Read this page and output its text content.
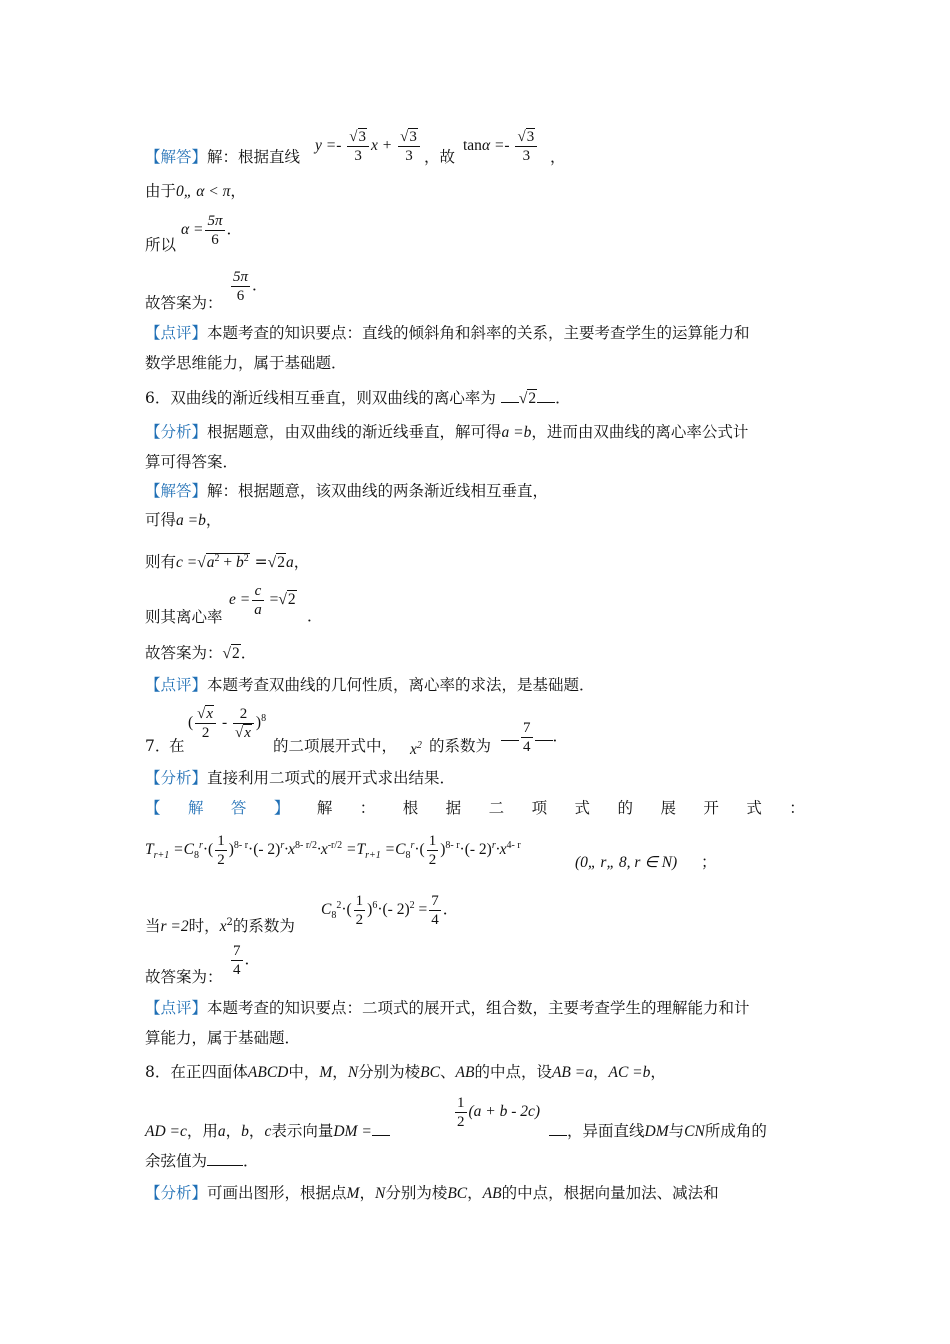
【解答】解：根据直线
$y =- \frac{√3}{3}$ $x + \frac{√3}{3}$ ，故
$\tan\alpha =- \frac{√3}{3}$ ，
由于0„ α < π，
所以
$\alpha = \frac{5\pi}{6}$ ．
故答案为： $\frac{5\pi}{6}$ ．
【点评】本题考查的知识要点：直线的倾斜角和斜率的关系，主要考查学生的运算能力和
数学思维能力，属于基础题．
6．双曲线的渐近线相互垂直，则双曲线的离心率为 √2 ．
【分析】根据题意，由双曲线的渐近线垂直，解可得a =b，进而由双曲线的离心率公式计
算可得答案．
【解答】解：根据题意，该双曲线的两条渐近线相互垂直，
可得a =b，
则有$c =√a^2 + b^2 =√2a$，
则其离心率
$e = \frac{c}{a} =√2$
．
故答案为：√2．
【点评】本题考查双曲线的几何性质，离心率的求法，是基础题．
7．
在
( $\frac{√x}{2} - \frac{2}{√x} )^8$
的二项展开式中， $x^2$ 的系数为 $\frac{7}{4}$ ．
【分析】直接利用二项式的展开式求出结果．
【 解 答 】 解 ： 根 据 二 项 式 的 展 开 式 ：
$T_{r+1} =C_8^r\cdot( \frac{1}{2} )^{8- r}\cdot(-$ $2)^r\cdot x^{8- r/2}\cdot x^{-r/2} =T_{r+1} =C_8^r\cdot( \frac{1}{2} )^{8- r}\cdot(-$ $2)^r\cdot x^{4- r}$
(0„ r„ 8, r ∈ N) ；
当r =2时，$x^2$的系数为
$C_8^2\cdot( \frac{1}{2} )^6\cdot(-$ $2)^2 = \frac{7}{4}$ ．
故答案为： $\frac{7}{4}$ ．
【点评】本题考查的知识要点：二项式的展开式，组合数，主要考查学生的理解能力和计
算能力，属于基础题．
8．在正四面体ABCD中，M，N分别为棱BC、AB的中点，设AB =a，AC =b，
AD =c，用a，b，c表示向量DM =
$\frac{1}{2} (a + b - 2c)$
，异面直线DM与CN所成角的
余弦值为 ．
【分析】可画出图形，根据点M，N分别为棱BC，AB的中点，根据向量加法、减法和
